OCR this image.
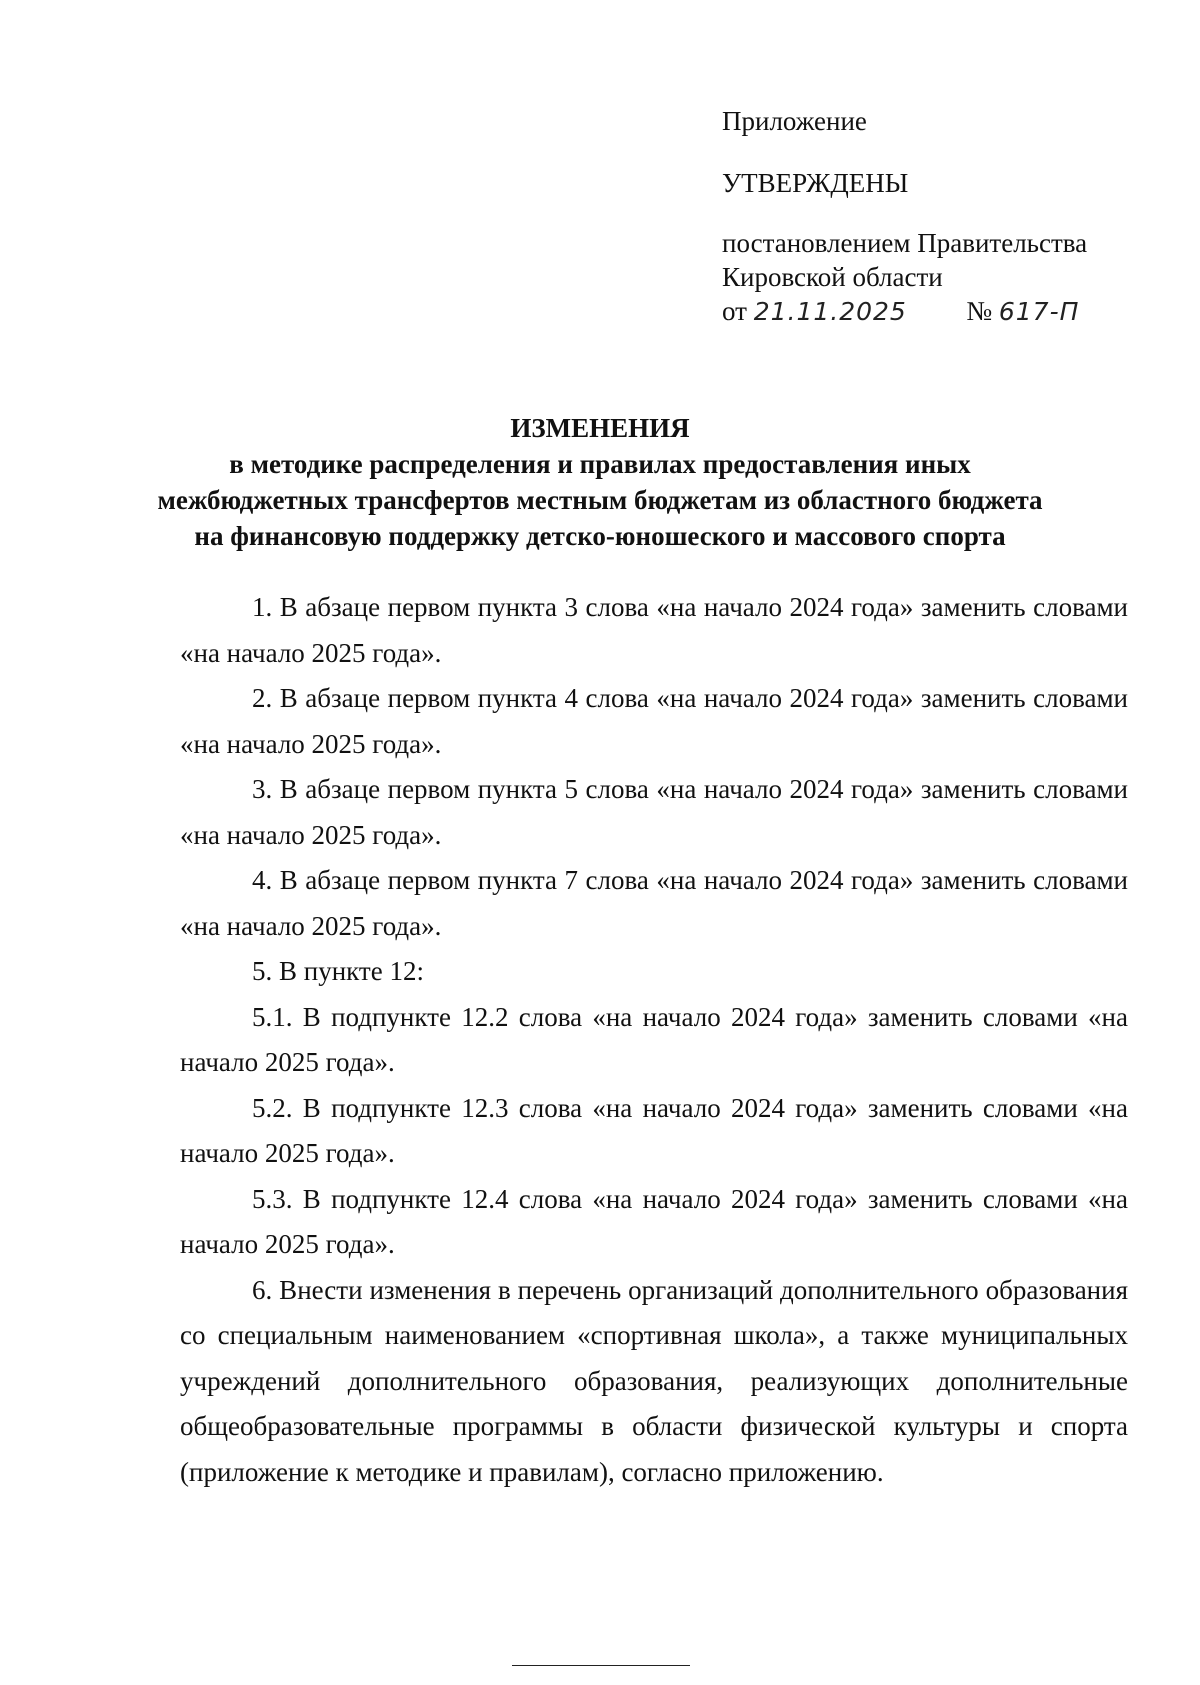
Приложение
УТВЕРЖДЕНЫ
постановлением Правительства
Кировской области
от 21.11.2025 № 617-П
ИЗМЕНЕНИЯ
в методике распределения и правилах предоставления иных
межбюджетных трансфертов местным бюджетам из областного бюджета
на финансовую поддержку детско-юношеского и массового спорта

1. В абзаце первом пункта 3 слова «на начало 2024 года» заменить словами «на начало 2025 года».

2. В абзаце первом пункта 4 слова «на начало 2024 года» заменить словами «на начало 2025 года».

3. В абзаце первом пункта 5 слова «на начало 2024 года» заменить словами «на начало 2025 года».

4. В абзаце первом пункта 7 слова «на начало 2024 года» заменить словами «на начало 2025 года».

5. В пункте 12:

5.1. В подпункте 12.2 слова «на начало 2024 года» заменить словами «на начало 2025 года».

5.2. В подпункте 12.3 слова «на начало 2024 года» заменить словами «на начало 2025 года».

5.3. В подпункте 12.4 слова «на начало 2024 года» заменить словами «на начало 2025 года».

6. Внести изменения в перечень организаций дополнительного образования со специальным наименованием «спортивная школа», а также муниципальных учреждений дополнительного образования, реализующих дополнительные общеобразовательные программы в области физической культуры и спорта (приложение к методике и правилам), согласно приложению.
